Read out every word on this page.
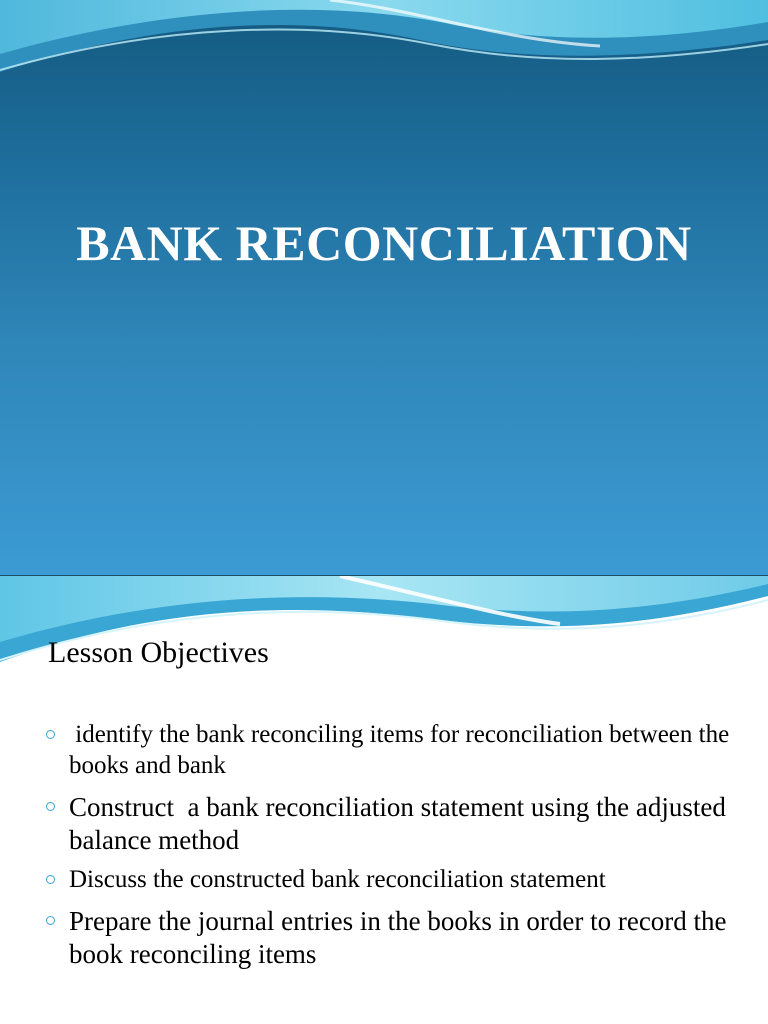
BANK RECONCILIATION
Lesson Objectives
identify the bank reconciling items for reconciliation between the books and bank
Construct  a bank reconciliation statement using the adjusted balance method
Discuss the constructed bank reconciliation statement
Prepare the journal entries in the books in order to record the book reconciling items
